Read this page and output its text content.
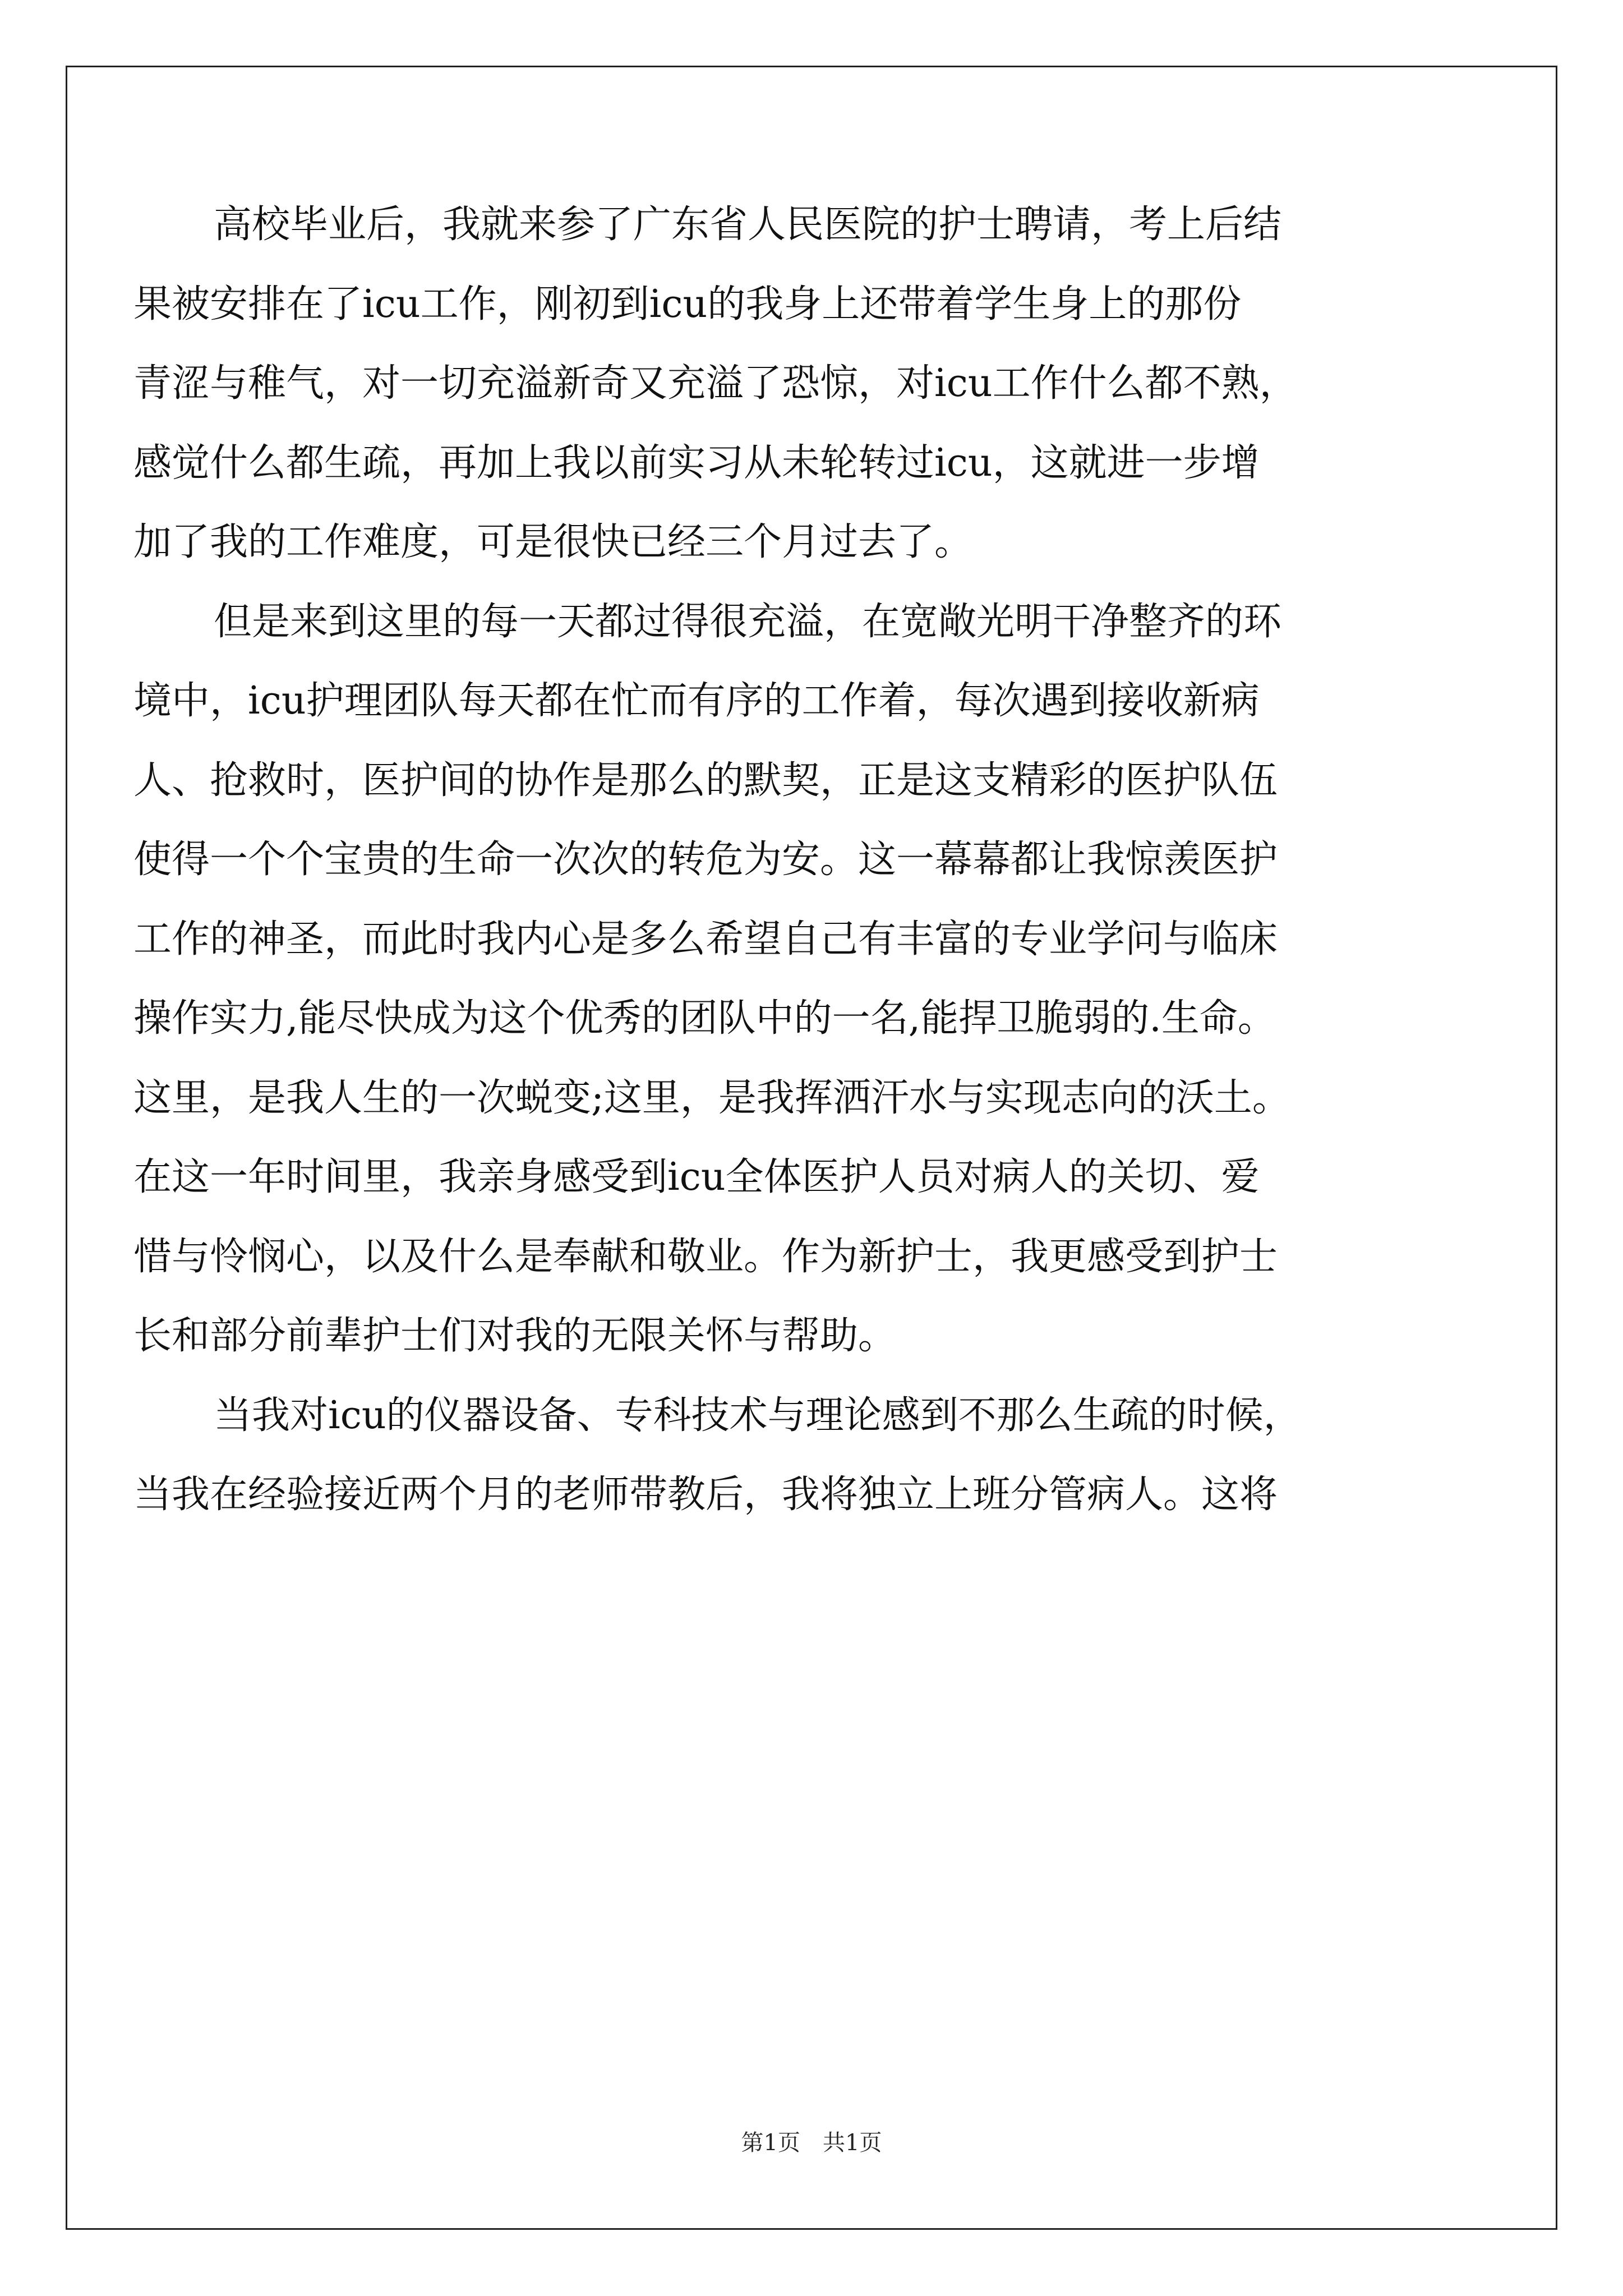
高校毕业后，我就来参了广东省人民医院的护士聘请，考上后结
果被安排在了icu工作，刚初到icu的我身上还带着学生身上的那份
青涩与稚气，对一切充溢新奇又充溢了恐惊，对icu工作什么都不熟，
感觉什么都生疏，再加上我以前实习从未轮转过icu，这就进一步增
加了我的工作难度，可是很快已经三个月过去了。
但是来到这里的每一天都过得很充溢，在宽敞光明干净整齐的环
境中，icu护理团队每天都在忙而有序的工作着，每次遇到接收新病
人、抢救时，医护间的协作是那么的默契，正是这支精彩的医护队伍
使得一个个宝贵的生命一次次的转危为安。这一幕幕都让我惊羡医护
工作的神圣，而此时我内心是多么希望自己有丰富的专业学问与临床
操作实力,能尽快成为这个优秀的团队中的一名,能捍卫脆弱的.生命。
这里，是我人生的一次蜕变;这里，是我挥洒汗水与实现志向的沃土。
在这一年时间里，我亲身感受到icu全体医护人员对病人的关切、爱
惜与怜悯心，以及什么是奉献和敬业。作为新护士，我更感受到护士
长和部分前辈护士们对我的无限关怀与帮助。
当我对icu的仪器设备、专科技术与理论感到不那么生疏的时候，
当我在经验接近两个月的老师带教后，我将独立上班分管病人。这将
第1页 共1页
